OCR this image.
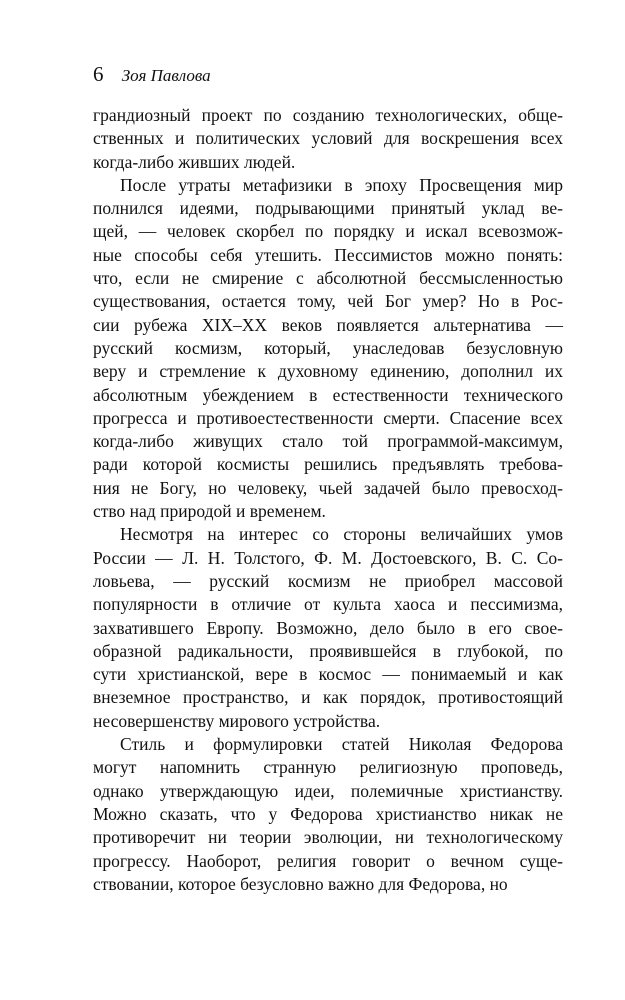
6 Зоя Павлова
грандиозный проект по созданию технологических, обще-
ственных и политических условий для воскрешения всех
когда-либо живших людей.
После утраты метафизики в эпоху Просвещения мир
полнился идеями, подрывающими принятый уклад ве-
щей, — человек скорбел по порядку и искал всевозмож-
ные способы себя утешить. Пессимистов можно понять:
что, если не смирение с абсолютной бессмысленностью
существования, остается тому, чей Бог умер? Но в Рос-
сии рубежа XIX–XX веков появляется альтернатива —
русский космизм, который, унаследовав безусловную
веру и стремление к духовному единению, дополнил их
абсолютным убеждением в естественности технического
прогресса и противоестественности смерти. Спасение всех
когда-либо живущих стало той программой-максимум,
ради которой космисты решились предъявлять требова-
ния не Богу, но человеку, чьей задачей было превосход-
ство над природой и временем.
Несмотря на интерес со стороны величайших умов
России — Л. Н. Толстого, Ф. М. Достоевского, В. С. Со-
ловьева, — русский космизм не приобрел массовой
популярности в отличие от культа хаоса и пессимизма,
захватившего Европу. Возможно, дело было в его свое-
образной радикальности, проявившейся в глубокой, по
сути христианской, вере в космос — понимаемый и как
внеземное пространство, и как порядок, противостоящий
несовершенству мирового устройства.
Стиль и формулировки статей Николая Федорова
могут напомнить странную религиозную проповедь,
однако утверждающую идеи, полемичные христианству.
Можно сказать, что у Федорова христианство никак не
противоречит ни теории эволюции, ни технологическому
прогрессу. Наоборот, религия говорит о вечном суще-
ствовании, которое безусловно важно для Федорова, но
